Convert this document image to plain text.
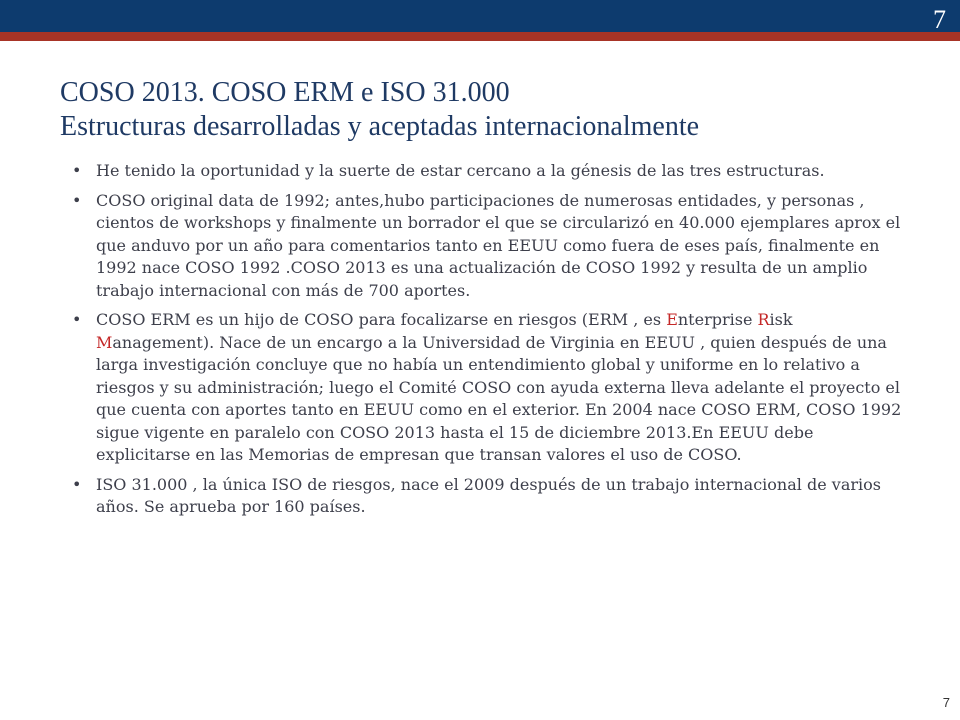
7
COSO 2013. COSO ERM e ISO 31.000
Estructuras desarrolladas y aceptadas internacionalmente
• He tenido la oportunidad y la suerte de estar cercano a la génesis de las tres estructuras.
• COSO original data de 1992; antes,hubo participaciones de numerosas entidades, y personas , cientos de workshops y finalmente un borrador el que se circularizó en 40.000 ejemplares aprox el que anduvo por un año para comentarios tanto en EEUU como fuera de eses país, finalmente en 1992 nace COSO 1992 .COSO 2013 es una actualización de COSO 1992 y resulta de un amplio trabajo internacional con más de 700 aportes.
• COSO ERM es un hijo de COSO para focalizarse en riesgos (ERM , es Enterprise Risk Management). Nace de un encargo a la Universidad de Virginia en EEUU , quien después de una larga investigación concluye que no había un entendimiento global y uniforme en lo relativo a riesgos y su administración; luego el Comité COSO con ayuda externa lleva adelante el proyecto el que cuenta con aportes tanto en EEUU como en el exterior. En 2004 nace COSO ERM, COSO 1992 sigue vigente en paralelo con COSO 2013 hasta el 15 de diciembre 2013.En EEUU debe explicitarse en las Memorias de empresan que transan valores el uso de COSO.
• ISO 31.000 , la única ISO de riesgos, nace el 2009 después de un trabajo internacional de varios años. Se aprueba por 160 países.
7
